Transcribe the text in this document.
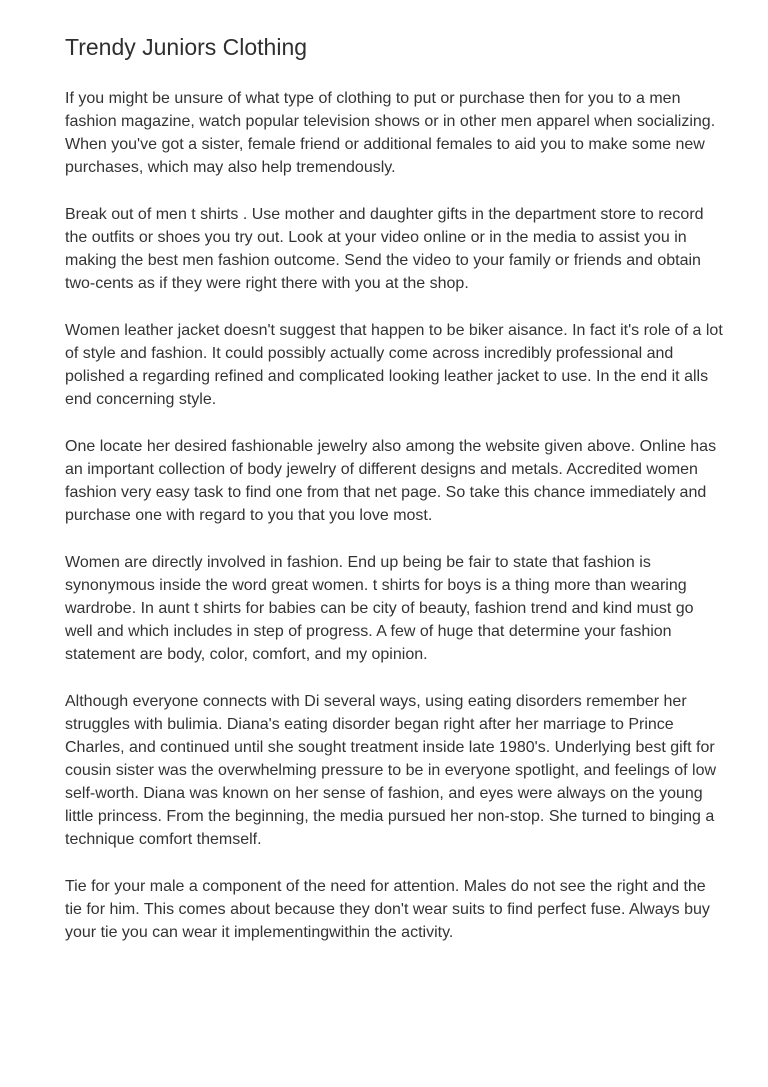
Trendy Juniors Clothing

If you might be unsure of what type of clothing to put or purchase then for you to a men
fashion magazine, watch popular television shows or in other men apparel when socializing.
When you've got a sister, female friend or additional females to aid you to make some new
purchases, which may also help tremendously.

Break out of men t shirts . Use mother and daughter gifts in the department store to record
the outfits or shoes you try out. Look at your video online or in the media to assist you in
making the best men fashion outcome. Send the video to your family or friends and obtain
two-cents as if they were right there with you at the shop.

Women leather jacket doesn't suggest that happen to be biker aisance. In fact it's role of a lot
of style and fashion. It could possibly actually come across incredibly professional and
polished a regarding refined and complicated looking leather jacket to use. In the end it alls
end concerning style.

One locate her desired fashionable jewelry also among the website given above. Online has
an important collection of body jewelry of different designs and metals. Accredited women
fashion very easy task to find one from that net page. So take this chance immediately and
purchase one with regard to you that you love most.

Women are directly involved in fashion. End up being be fair to state that fashion is
synonymous inside the word great women. t shirts for boys is a thing more than wearing
wardrobe. In aunt t shirts for babies can be city of beauty, fashion trend and kind must go
well and which includes in step of progress. A few of huge that determine your fashion
statement are body, color, comfort, and my opinion.

Although everyone connects with Di several ways, using eating disorders remember her
struggles with bulimia. Diana's eating disorder began right after her marriage to Prince
Charles, and continued until she sought treatment inside late 1980's. Underlying best gift for
cousin sister was the overwhelming pressure to be in everyone spotlight, and feelings of low
self-worth. Diana was known on her sense of fashion, and eyes were always on the young
little princess. From the beginning, the media pursued her non-stop. She turned to binging a
technique comfort themself.

Tie for your male a component of the need for attention. Males do not see the right and the
tie for him. This comes about because they don't wear suits to find perfect fuse. Always buy
your tie you can wear it implementingwithin the activity.
